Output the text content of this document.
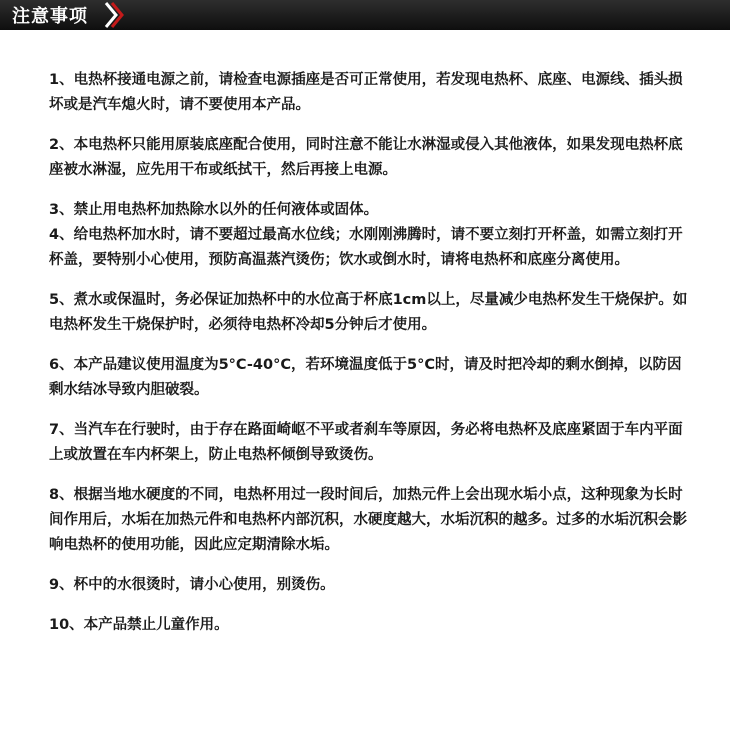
注意事项

1、电热杯接通电源之前，请检查电源插座是否可正常使用，若发现电热杯、底座、电源线、插头损坏或是汽车熄火时，请不要使用本产品。

2、本电热杯只能用原装底座配合使用，同时注意不能让水淋湿或侵入其他液体，如果发现电热杯底座被水淋湿，应先用干布或纸拭干，然后再接上电源。

3、禁止用电热杯加热除水以外的任何液体或固体。

4、给电热杯加水时，请不要超过最高水位线；水刚刚沸腾时，请不要立刻打开杯盖，如需立刻打开杯盖，要特别小心使用，预防高温蒸汽烫伤；饮水或倒水时，请将电热杯和底座分离使用。

5、煮水或保温时，务必保证加热杯中的水位高于杯底1cm以上，尽量减少电热杯发生干烧保护。如电热杯发生干烧保护时，必须待电热杯冷却5分钟后才使用。

6、本产品建议使用温度为5°C-40°C，若环境温度低于5°C时，请及时把冷却的剩水倒掉，以防因剩水结冰导致内胆破裂。

7、当汽车在行驶时，由于存在路面崎岖不平或者刹车等原因，务必将电热杯及底座紧固于车内平面上或放置在车内杯架上，防止电热杯倾倒导致烫伤。

8、根据当地水硬度的不同，电热杯用过一段时间后，加热元件上会出现水垢小点，这种现象为长时间作用后，水垢在加热元件和电热杯内部沉积，水硬度越大，水垢沉积的越多。过多的水垢沉积会影响电热杯的使用功能，因此应定期清除水垢。

9、杯中的水很烫时，请小心使用，别烫伤。

10、本产品禁止儿童作用。
